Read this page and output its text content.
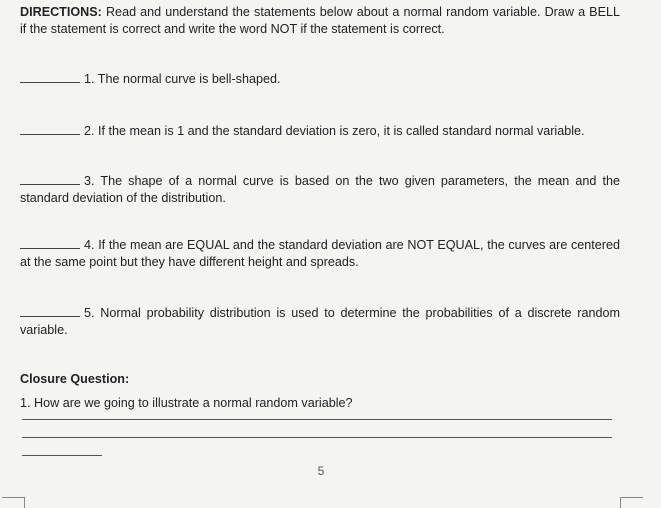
DIRECTIONS: Read and understand the statements below about a normal random variable. Draw a BELL if the statement is correct and write the word NOT if the statement is correct.
1. The normal curve is bell-shaped.
2. If the mean is 1 and the standard deviation is zero, it is called standard normal variable.
3. The shape of a normal curve is based on the two given parameters, the mean and the standard deviation of the distribution.
4. If the mean are EQUAL and the standard deviation are NOT EQUAL, the curves are centered at the same point but they have different height and spreads.
5. Normal probability distribution is used to determine the probabilities of a discrete random variable.
Closure Question:
1. How are we going to illustrate a normal random variable?
5
